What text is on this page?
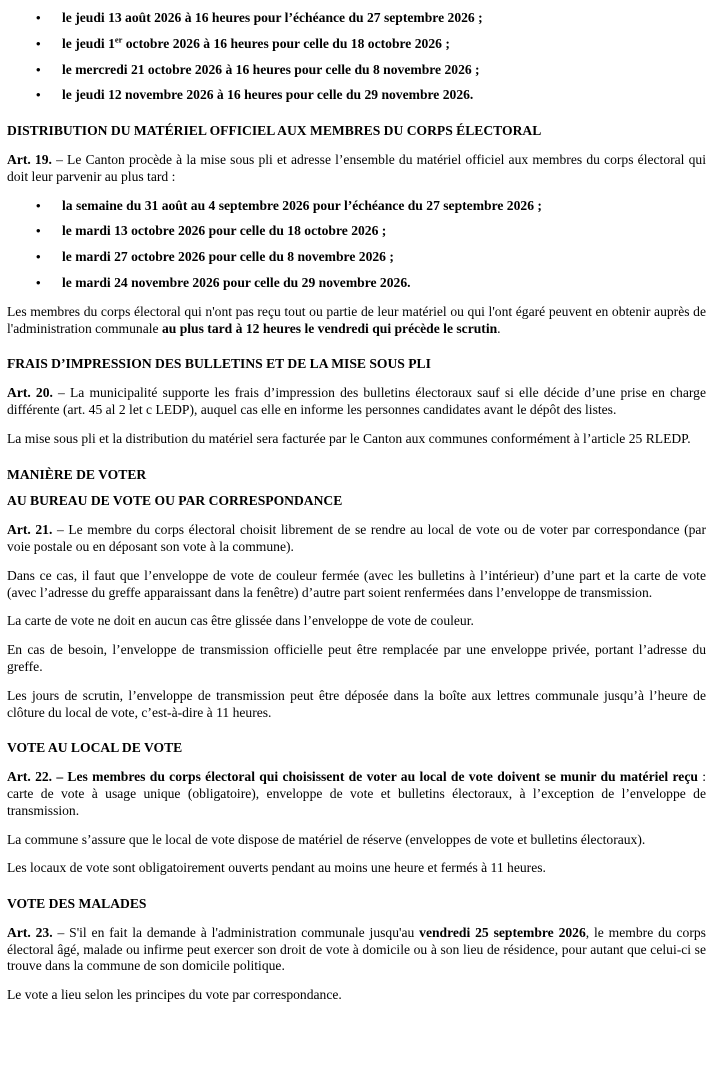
• le jeudi 13 août 2026 à 16 heures pour l’échéance du 27 septembre 2026 ;
• le jeudi 1er octobre 2026 à 16 heures pour celle du 18 octobre 2026 ;
• le mercredi 21 octobre 2026 à 16 heures pour celle du 8 novembre 2026 ;
• le jeudi 12 novembre 2026 à 16 heures pour celle du 29 novembre 2026.
DISTRIBUTION DU MATÉRIEL OFFICIEL AUX MEMBRES DU CORPS ÉLECTORAL

Art. 19. – Le Canton procède à la mise sous pli et adresse l’ensemble du matériel officiel aux membres du corps électoral qui doit leur parvenir au plus tard :

• la semaine du 31 août au 4 septembre 2026 pour l’échéance du 27 septembre 2026 ;
• le mardi 13 octobre 2026 pour celle du 18 octobre 2026 ;
• le mardi 27 octobre 2026 pour celle du 8 novembre 2026 ;
• le mardi 24 novembre 2026 pour celle du 29 novembre 2026.

Les membres du corps électoral qui n'ont pas reçu tout ou partie de leur matériel ou qui l'ont égaré peuvent en obtenir auprès de l'administration communale au plus tard à 12 heures le vendredi qui précède le scrutin.

FRAIS D’IMPRESSION DES BULLETINS ET DE LA MISE SOUS PLI

Art. 20. – La municipalité supporte les frais d’impression des bulletins électoraux sauf si elle décide d’une prise en charge différente (art. 45 al 2 let c LEDP), auquel cas elle en informe les personnes candidates avant le dépôt des listes.

La mise sous pli et la distribution du matériel sera facturée par le Canton aux communes conformément à l’article 25 RLEDP.

MANIÈRE DE VOTER
AU BUREAU DE VOTE OU PAR CORRESPONDANCE

Art. 21. – Le membre du corps électoral choisit librement de se rendre au local de vote ou de voter par correspondance (par voie postale ou en déposant son vote à la commune).

Dans ce cas, il faut que l’enveloppe de vote de couleur fermée (avec les bulletins à l’intérieur) d’une part et la carte de vote (avec l’adresse du greffe apparaissant dans la fenêtre) d’autre part soient renfermées dans l’enveloppe de transmission.

La carte de vote ne doit en aucun cas être glissée dans l’enveloppe de vote de couleur.

En cas de besoin, l’enveloppe de transmission officielle peut être remplacée par une enveloppe privée, portant l’adresse du greffe.

Les jours de scrutin, l’enveloppe de transmission peut être déposée dans la boîte aux lettres communale jusqu’à l’heure de clôture du local de vote, c’est-à-dire à 11 heures.

VOTE AU LOCAL DE VOTE

Art. 22. – Les membres du corps électoral qui choisissent de voter au local de vote doivent se munir du matériel reçu : carte de vote à usage unique (obligatoire), enveloppe de vote et bulletins électoraux, à l’exception de l’enveloppe de transmission.

La commune s’assure que le local de vote dispose de matériel de réserve (enveloppes de vote et bulletins électoraux).

Les locaux de vote sont obligatoirement ouverts pendant au moins une heure et fermés à 11 heures.

VOTE DES MALADES

Art. 23. – S'il en fait la demande à l'administration communale jusqu'au vendredi 25 septembre 2026, le membre du corps électoral âgé, malade ou infirme peut exercer son droit de vote à domicile ou à son lieu de résidence, pour autant que celui-ci se trouve dans la commune de son domicile politique.

Le vote a lieu selon les principes du vote par correspondance.
